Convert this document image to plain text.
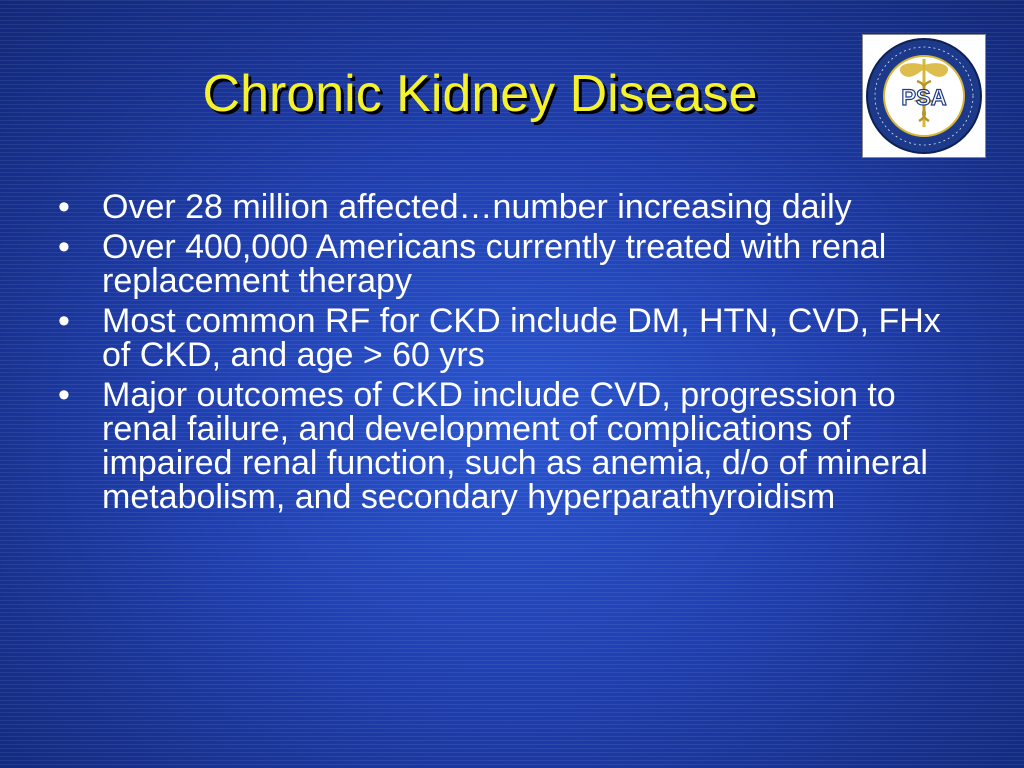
Chronic Kidney Disease	PSA
• Over 28 million affected…number increasing daily
• Over 400,000 Americans currently treated with renal replacement therapy
• Most common RF for CKD include DM, HTN, CVD, FHx of CKD, and age > 60 yrs
• Major outcomes of CKD include CVD, progression to renal failure, and development of complications of impaired renal function, such as anemia, d/o of mineral metabolism, and secondary hyperparathyroidism
